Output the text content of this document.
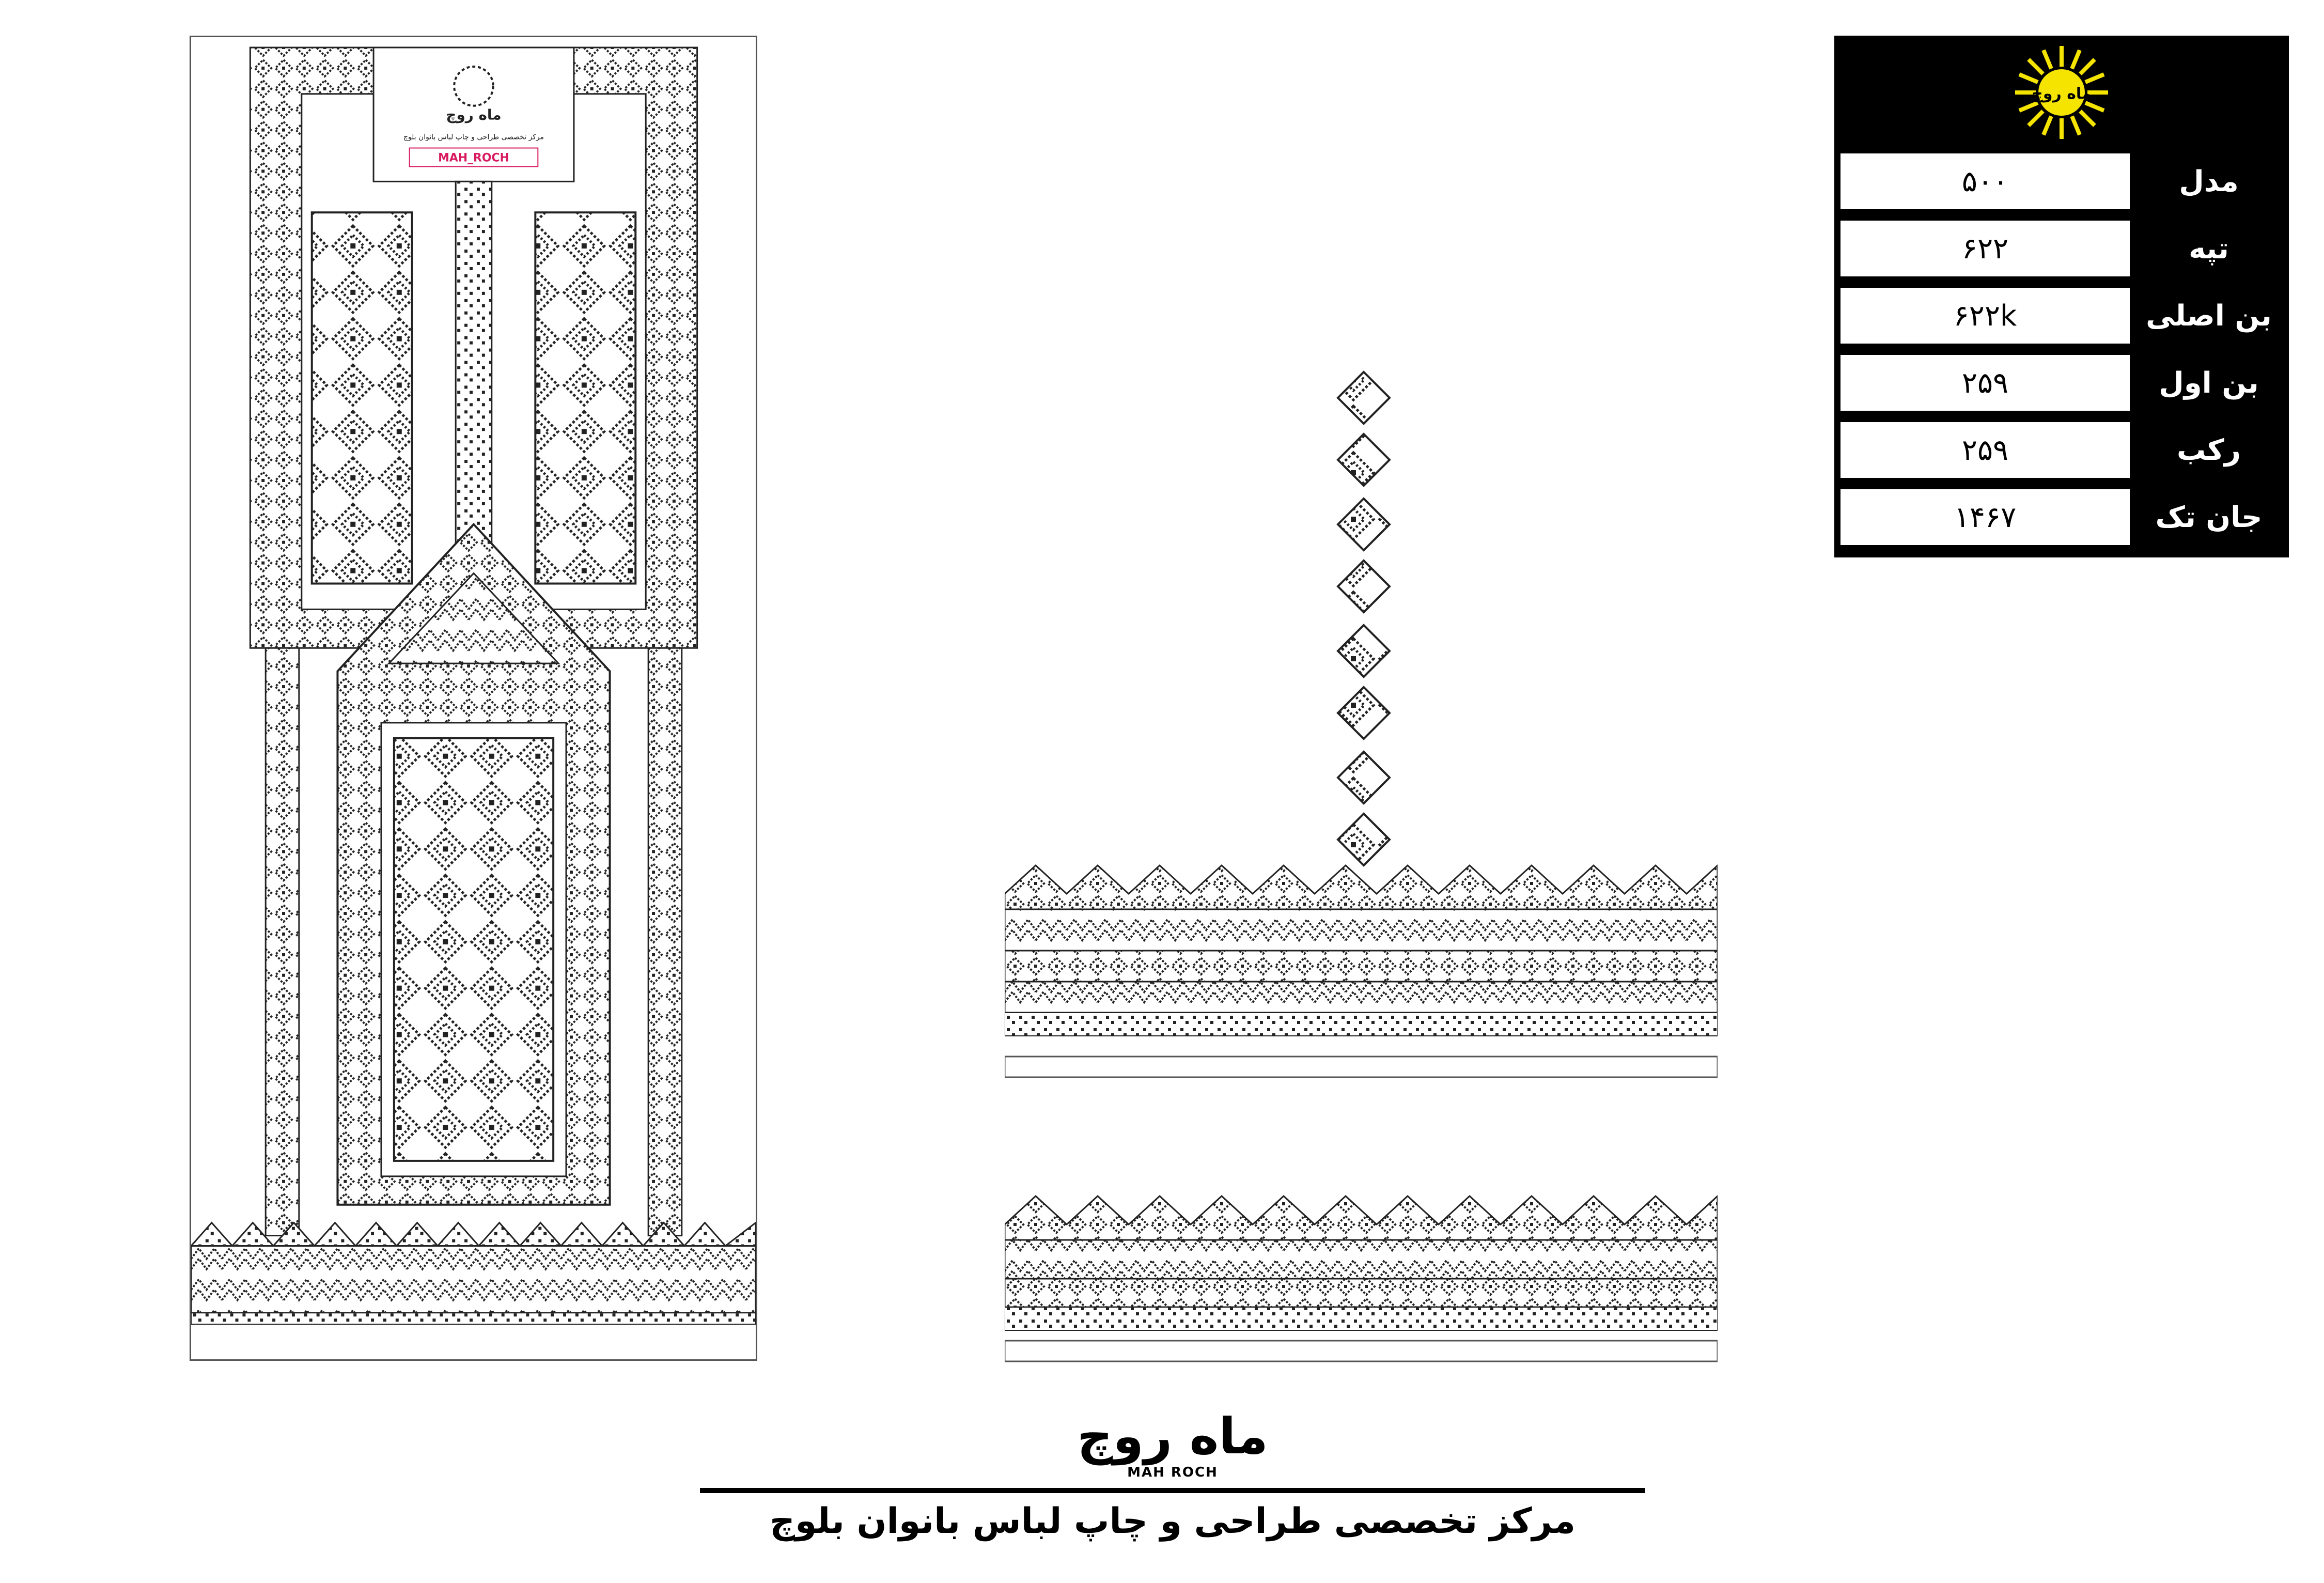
ماه روچ
مرکز تخصصی طراحی و چاپ لباس بانوان بلوچ
MAH_ROCH
ماه روچ
مدل
۵۰۰
تپه
۶۲۲
بن اصلی
۶۲۲k
بن اول
۲۵۹
رکب
۲۵۹
جان تک
۱۴۶۷
ماه روچ
MAH ROCH
مرکز تخصصی طراحی و چاپ لباس بانوان بلوچ
